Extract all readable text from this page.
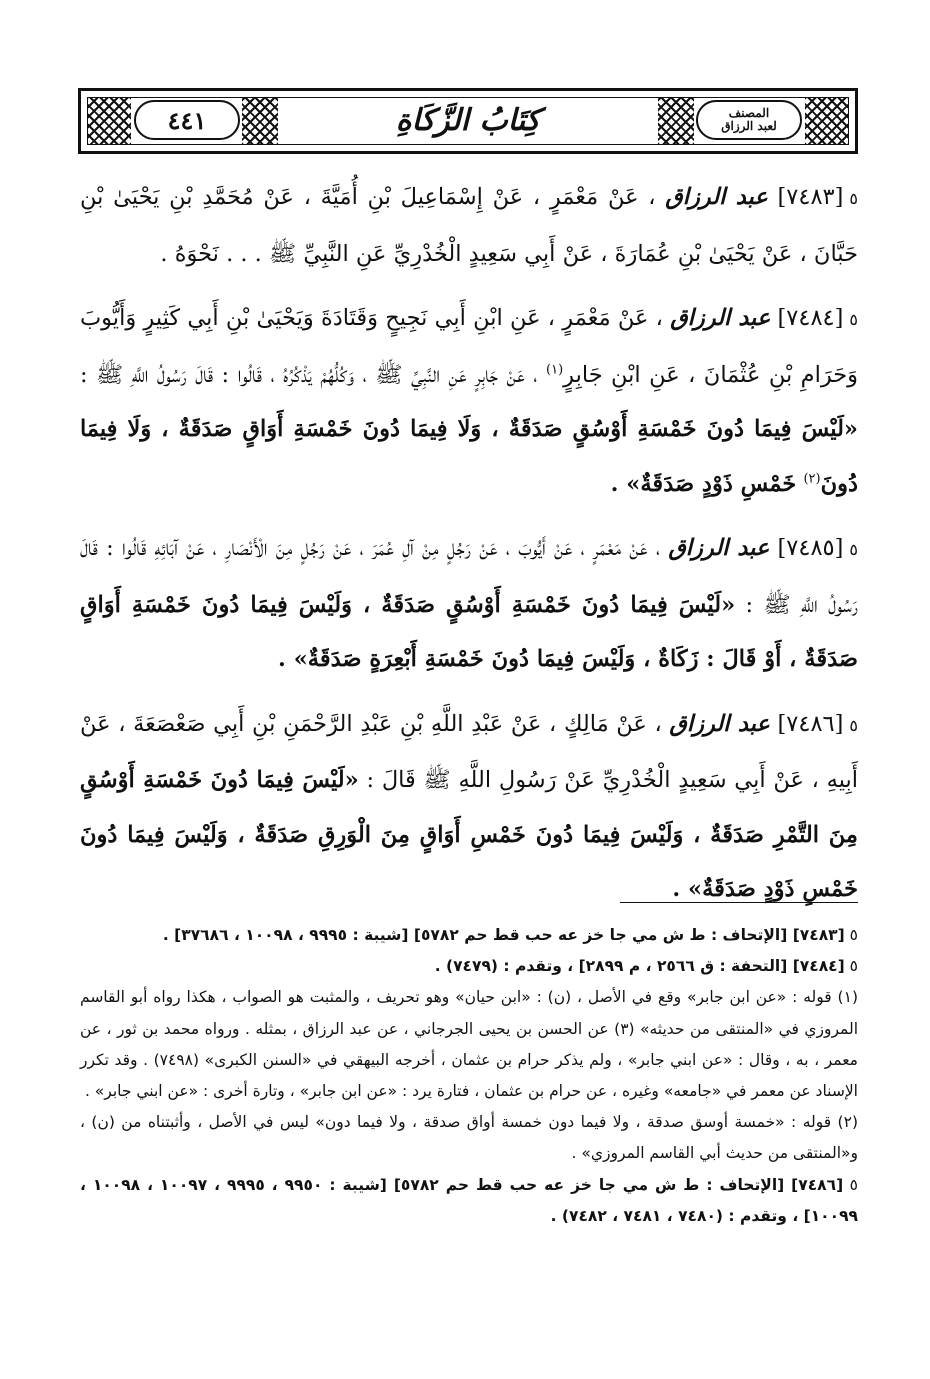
٤٤١	كِتَابُ الزَّكَاةِ	المصنف
لعبد الرزاق

٥[٧٤٨٣] عبد الرزاق ، عَنْ مَعْمَرٍ ، عَنْ إِسْمَاعِيلَ بْنِ أُمَيَّةَ ، عَنْ مُحَمَّدِ بْنِ يَحْيَىٰ بْنِ حَبَّانَ ، عَنْ يَحْيَىٰ بْنِ عُمَارَةَ ، عَنْ أَبِي سَعِيدٍ الْخُدْرِيِّ عَنِ النَّبِيِّ ﷺ . . . نَحْوَهُ .

٥[٧٤٨٤] عبد الرزاق ، عَنْ مَعْمَرٍ ، عَنِ ابْنِ أَبِي نَجِيحٍ وَقَتَادَةَ وَيَحْيَىٰ بْنِ أَبِي كَثِيرٍ وَأَيُّوبَ وَحَرَامِ بْنِ عُثْمَانَ ، عَنِ ابْنِ جَابِرٍ$^{(١)}$ ، عَنْ جَابِرٍ عَنِ النَّبِيِّ ﷺ ، وَكُلُّهُمْ يَذْكُرُهُ ، قَالُوا : قَالَ رَسُولُ اللَّهِ ﷺ : «لَيْسَ فِيمَا دُونَ خَمْسَةِ أَوْسُقٍ صَدَقَةٌ ، وَلَا فِيمَا دُونَ خَمْسَةِ أَوَاقٍ صَدَقَةٌ ، وَلَا فِيمَا دُونَ$^{(٢)}$ خَمْسِ ذَوْدٍ صَدَقَةٌ» .

٥[٧٤٨٥] عبد الرزاق ، عَنْ مَعْمَرٍ ، عَنْ أَيُّوبَ ، عَنْ رَجُلٍ مِنْ آلِ عُمَرَ ، عَنْ رَجُلٍ مِنَ الْأَنْصَارِ ، عَنْ آبَائِهِ قَالُوا : قَالَ رَسُولُ اللَّهِ ﷺ : «لَيْسَ فِيمَا دُونَ خَمْسَةِ أَوْسُقٍ صَدَقَةٌ ، وَلَيْسَ فِيمَا دُونَ خَمْسَةِ أَوَاقٍ صَدَقَةٌ ، أَوْ قَالَ : زَكَاةٌ ، وَلَيْسَ فِيمَا دُونَ خَمْسَةِ أَبْعِرَةٍ صَدَقَةٌ» .

٥[٧٤٨٦] عبد الرزاق ، عَنْ مَالِكٍ ، عَنْ عَبْدِ اللَّهِ بْنِ عَبْدِ الرَّحْمَنِ بْنِ أَبِي صَعْصَعَةَ ، عَنْ أَبِيهِ ، عَنْ أَبِي سَعِيدٍ الْخُدْرِيِّ عَنْ رَسُولِ اللَّهِ ﷺ قَالَ : «لَيْسَ فِيمَا دُونَ خَمْسَةِ أَوْسُقٍ مِنَ التَّمْرِ صَدَقَةٌ ، وَلَيْسَ فِيمَا دُونَ خَمْسِ أَوَاقٍ مِنَ الْوَرِقِ صَدَقَةٌ ، وَلَيْسَ فِيمَا دُونَ خَمْسِ ذَوْدٍ صَدَقَةٌ» .

٥ [٧٤٨٣] [الإتحاف : ط ش مي جا خز عه حب قط حم ٥٧٨٢] [شيبة : ٩٩٩٥ ، ١٠٠٩٨ ، ٣٧٦٨٦] .

٥ [٧٤٨٤] [التحفة : ق ٢٥٦٦ ، م ٢٨٩٩] ، وتقدم : (٧٤٧٩) .

(١) قوله : «عن ابن جابر» وقع في الأصل ، (ن) : «ابن حيان» وهو تحريف ، والمثبت هو الصواب ، هكذا رواه أبو القاسم المروزي في «المنتقى من حديثه» (٣) عن الحسن بن يحيى الجرجاني ، عن عبد الرزاق ، بمثله . ورواه محمد بن ثور ، عن معمر ، به ، وقال : «عن ابني جابر» ، ولم يذكر حرام بن عثمان ، أخرجه البيهقي في «السنن الكبرى» (٧٤٩٨) . وقد تكرر الإسناد عن معمر في «جامعه» وغيره ، عن حرام بن عثمان ، فتارة يرد : «عن ابن جابر» ، وتارة أخرى : «عن ابني جابر» .

(٢) قوله : «خمسة أوسق صدقة ، ولا فيما دون خمسة أواق صدقة ، ولا فيما دون» ليس في الأصل ، وأثبتناه من (ن) ، و«المنتقى من حديث أبي القاسم المروزي» .

٥ [٧٤٨٦] [الإتحاف : ط ش مي جا خز عه حب قط حم ٥٧٨٢] [شيبة : ٩٩٥٠ ، ٩٩٩٥ ، ١٠٠٩٧ ، ١٠٠٩٨ ، ١٠٠٩٩] ، وتقدم : (٧٤٨٠ ، ٧٤٨١ ، ٧٤٨٢) .
